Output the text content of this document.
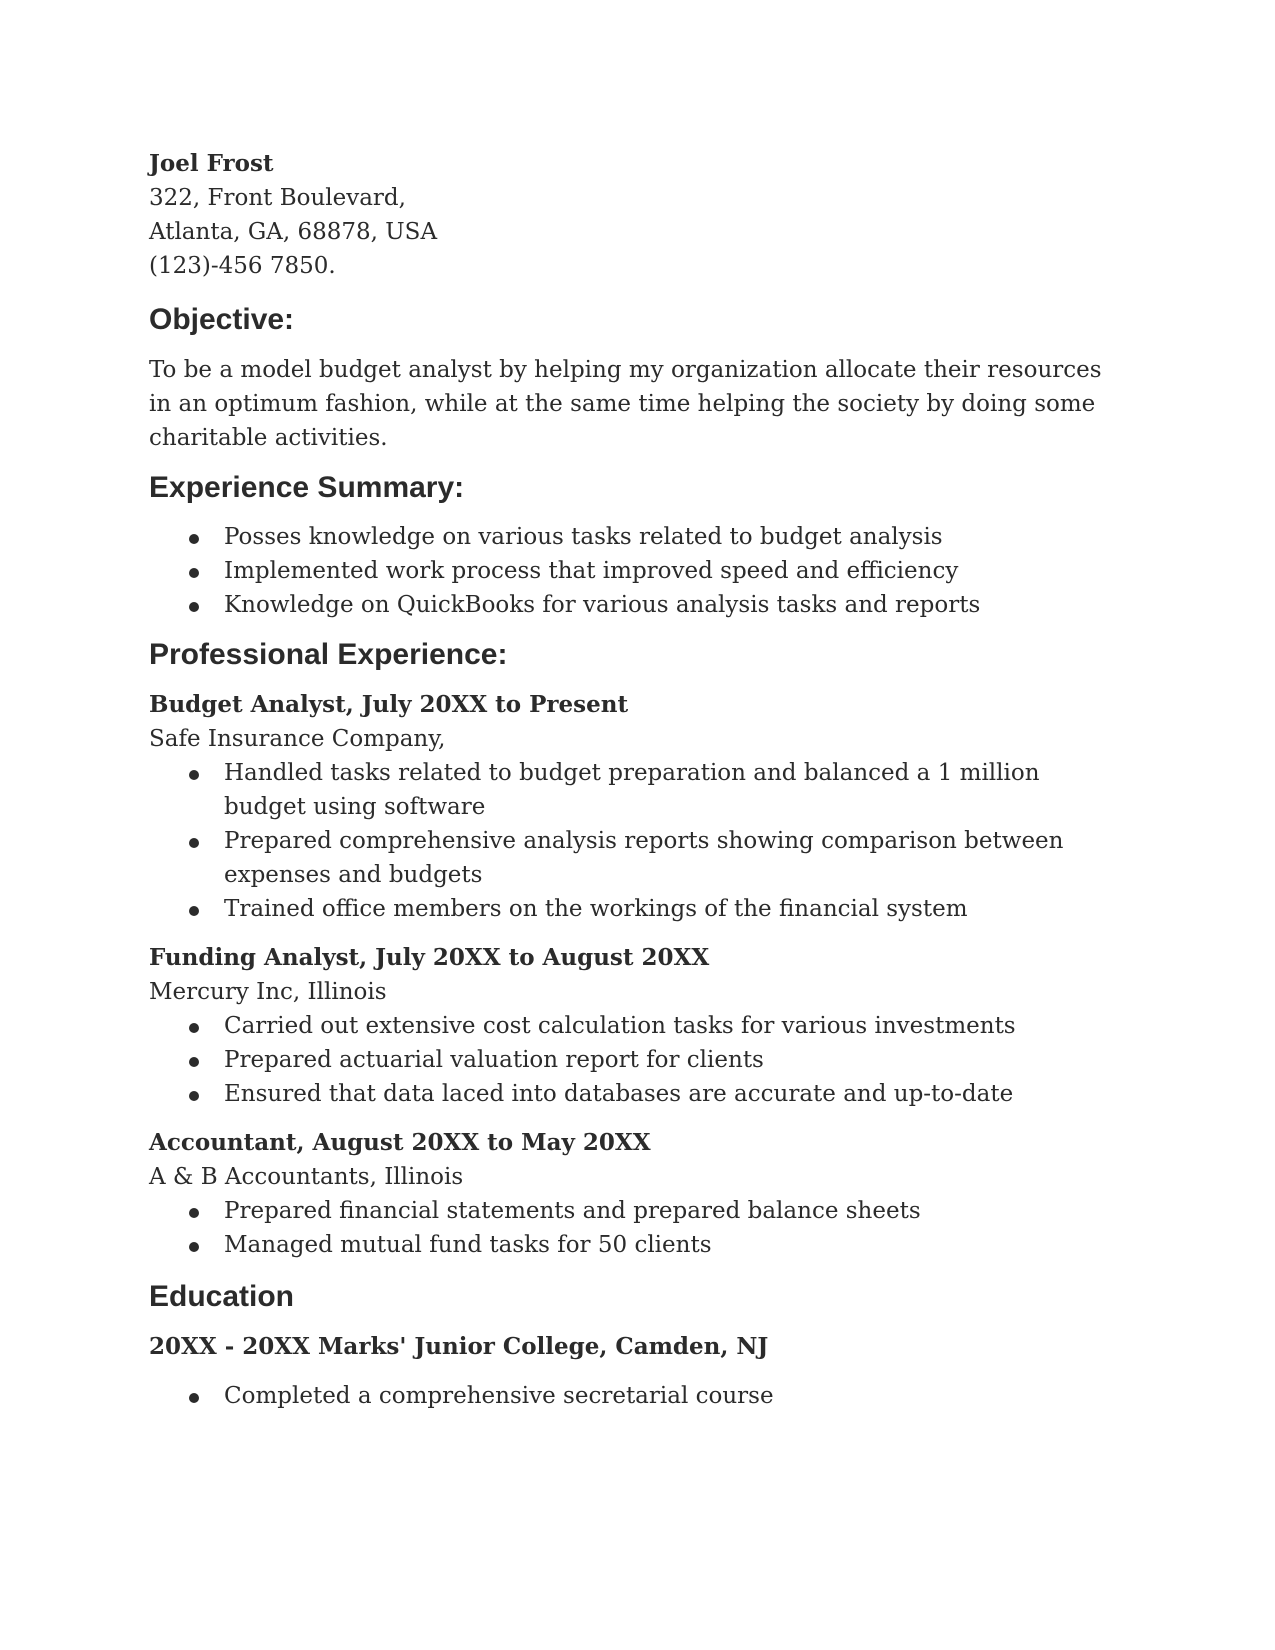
Joel Frost

322, Front Boulevard,

Atlanta, GA, 68878, USA

(123)-456 7850.

Objective:

To be a model budget analyst by helping my organization allocate their resources in an optimum fashion, while at the same time helping the society by doing some charitable activities.

Experience Summary:
Posses knowledge on various tasks related to budget analysis
Implemented work process that improved speed and efficiency
Knowledge on QuickBooks for various analysis tasks and reports
Professional Experience:

Budget Analyst, July 20XX to Present

Safe Insurance Company,

Handled tasks related to budget preparation and balanced a 1 million budget using software
Prepared comprehensive analysis reports showing comparison between expenses and budgets
Trained office members on the workings of the financial system

Funding Analyst, July 20XX to August 20XX

Mercury Inc, Illinois

Carried out extensive cost calculation tasks for various investments
Prepared actuarial valuation report for clients
Ensured that data laced into databases are accurate and up-to-date

Accountant, August 20XX to May 20XX

A & B Accountants, Illinois

Prepared financial statements and prepared balance sheets
Managed mutual fund tasks for 50 clients
Education

20XX - 20XX Marks' Junior College, Camden, NJ

Completed a comprehensive secretarial course
